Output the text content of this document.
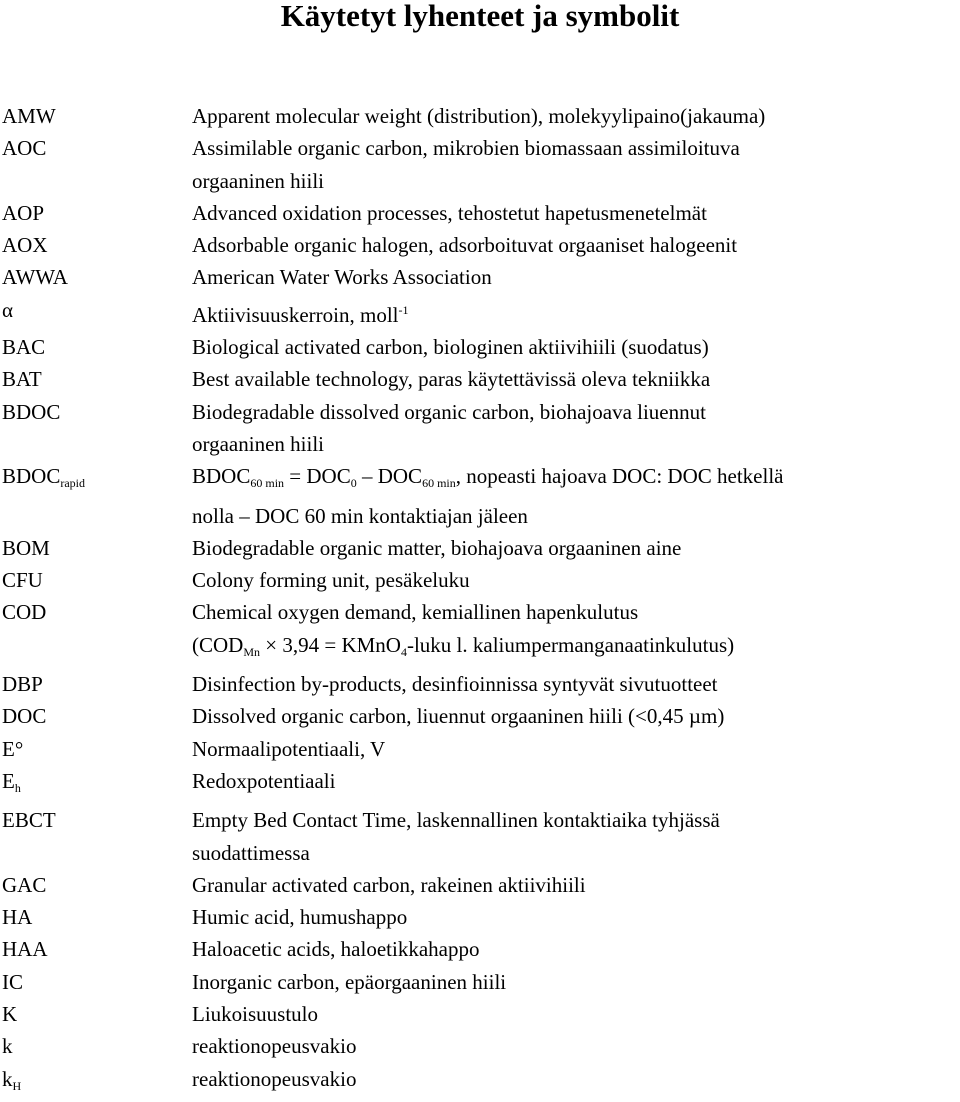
Käytetyt lyhenteet ja symbolit
AMW	Apparent molecular weight (distribution), molekyylipaino(jakauma)
AOC	Assimilable organic carbon, mikrobien biomassaan assimiloituva
orgaaninen hiili
AOP	Advanced oxidation processes, tehostetut hapetusmenetelmät
AOX	Adsorbable organic halogen, adsorboituvat orgaaniset halogeenit
AWWA	American Water Works Association
α	Aktiivisuuskerroin, moll$^{-1}$
BAC	Biological activated carbon, biologinen aktiivihiili (suodatus)
BAT	Best available technology, paras käytettävissä oleva tekniikka
BDOC	Biodegradable dissolved organic carbon, biohajoava liuennut
orgaaninen hiili
$BDOC_{rapid}$	$BDOC_{60 min} = DOC_0 - DOC_{60 min}$, nopeasti hajoava DOC: DOC hetkellä
nolla – DOC 60 min kontaktiajan jäleen
BOM	Biodegradable organic matter, biohajoava orgaaninen aine
CFU	Colony forming unit, pesäkeluku
COD	Chemical oxygen demand, kemiallinen hapenkulutus
($COD_{Mn} \times 3,94$ = KMnO$_4$-luku l. kaliumpermanganaatinkulutus)
DBP	Disinfection by-products, desinfioinnissa syntyvät sivutuotteet
DOC	Dissolved organic carbon, liuennut orgaaninen hiili (<0,45 µm)
E°	Normaalipotentiaali, V
$E_h$	Redoxpotentiaali
EBCT	Empty Bed Contact Time, laskennallinen kontaktiaika tyhjässä
suodattimessa
GAC	Granular activated carbon, rakeinen aktiivihiili
HA	Humic acid, humushappo
HAA	Haloacetic acids, haloetikkahappo
IC	Inorganic carbon, epäorgaaninen hiili
K	Liukoisuustulo
k	reaktionopeusvakio
$k_H$	reaktionopeusvakio
